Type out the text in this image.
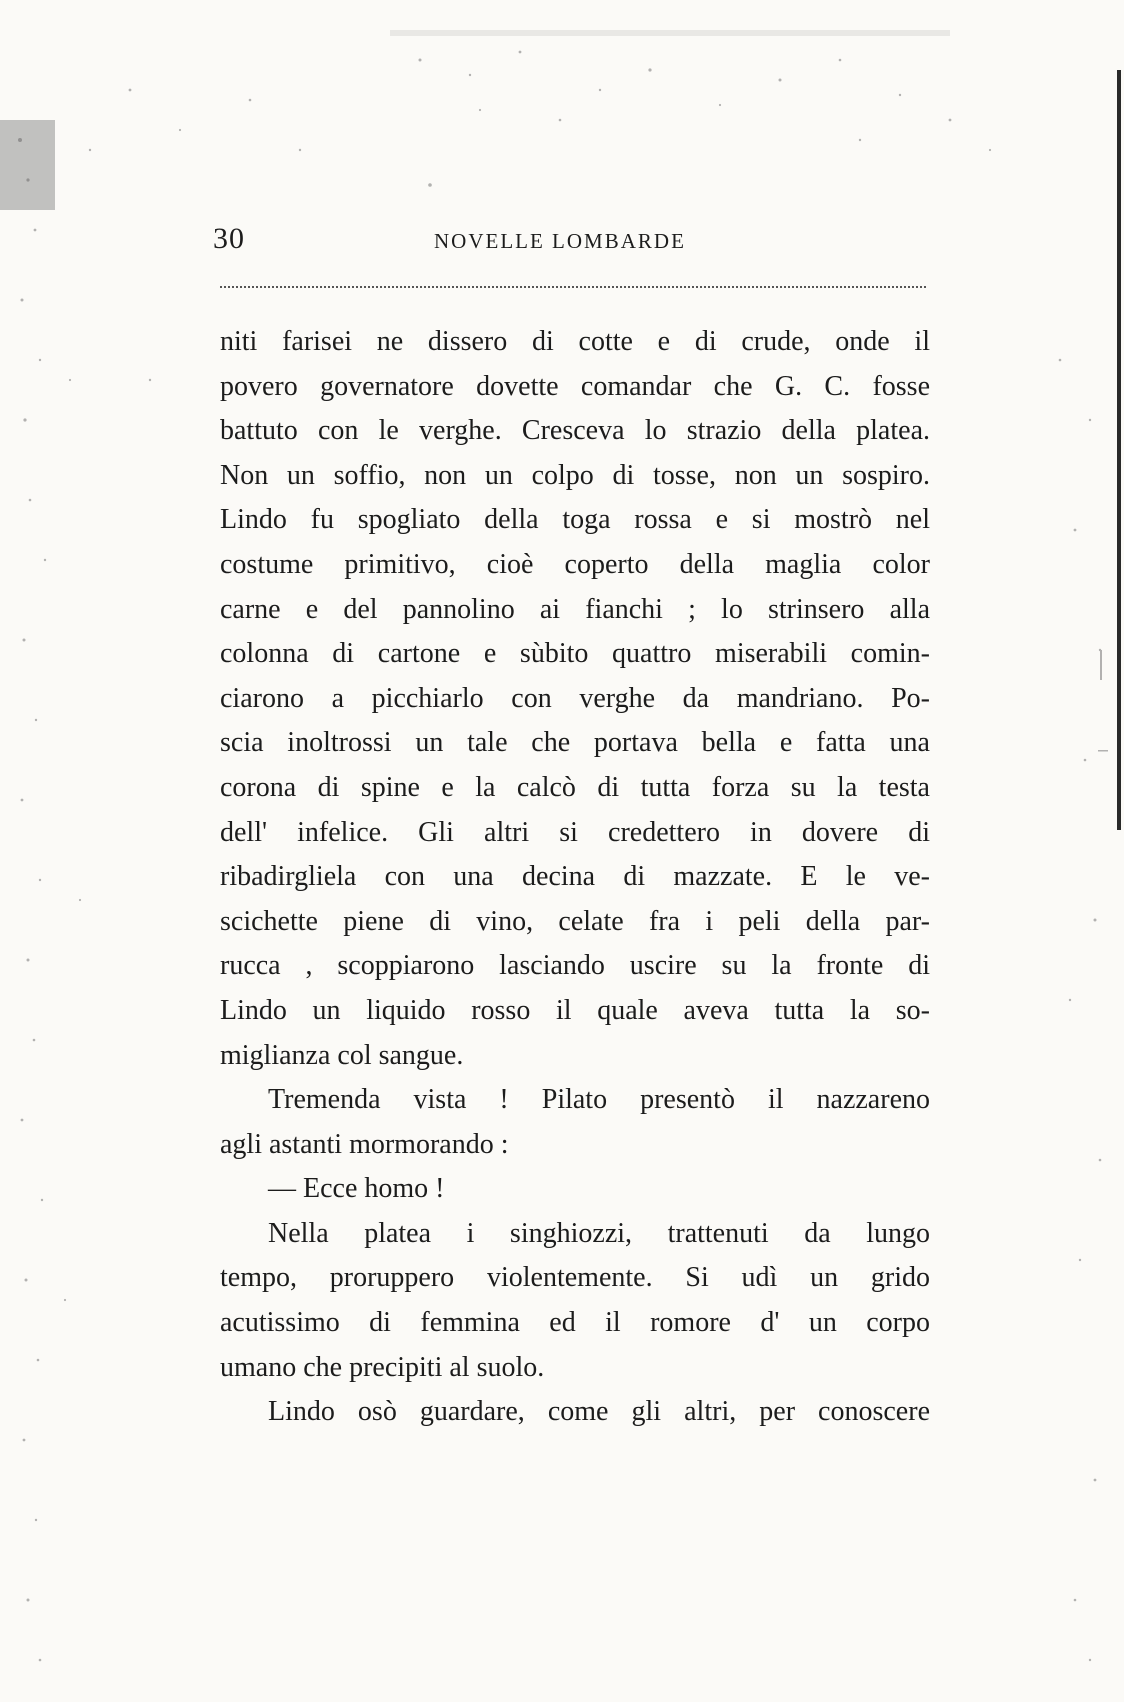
30	NOVELLE LOMBARDE
niti farisei ne dissero di cotte e di crude, onde il
povero governatore dovette comandar che G. C. fosse
battuto con le verghe. Cresceva lo strazio della platea.
Non un soffio, non un colpo di tosse, non un sospiro.
Lindo fu spogliato della toga rossa e si mostrò nel
costume primitivo, cioè coperto della maglia color
carne e del pannolino ai fianchi ; lo strinsero alla
colonna di cartone e sùbito quattro miserabili comin-
ciarono a picchiarlo con verghe da mandriano. Po-
scia inoltrossi un tale che portava bella e fatta una
corona di spine e la calcò di tutta forza su la testa
dell' infelice. Gli altri si credettero in dovere di
ribadirgliela con una decina di mazzate. E le ve-
scichette piene di vino, celate fra i peli della par-
rucca , scoppiarono lasciando uscire su la fronte di
Lindo un liquido rosso il quale aveva tutta la so-
miglianza col sangue.
Tremenda vista ! Pilato presentò il nazzareno
agli astanti mormorando :
— Ecce homo !
Nella platea i singhiozzi, trattenuti da lungo
tempo, proruppero violentemente. Si udì un grido
acutissimo di femmina ed il romore d' un corpo
umano che precipiti al suolo.
Lindo osò guardare, come gli altri, per conoscere
